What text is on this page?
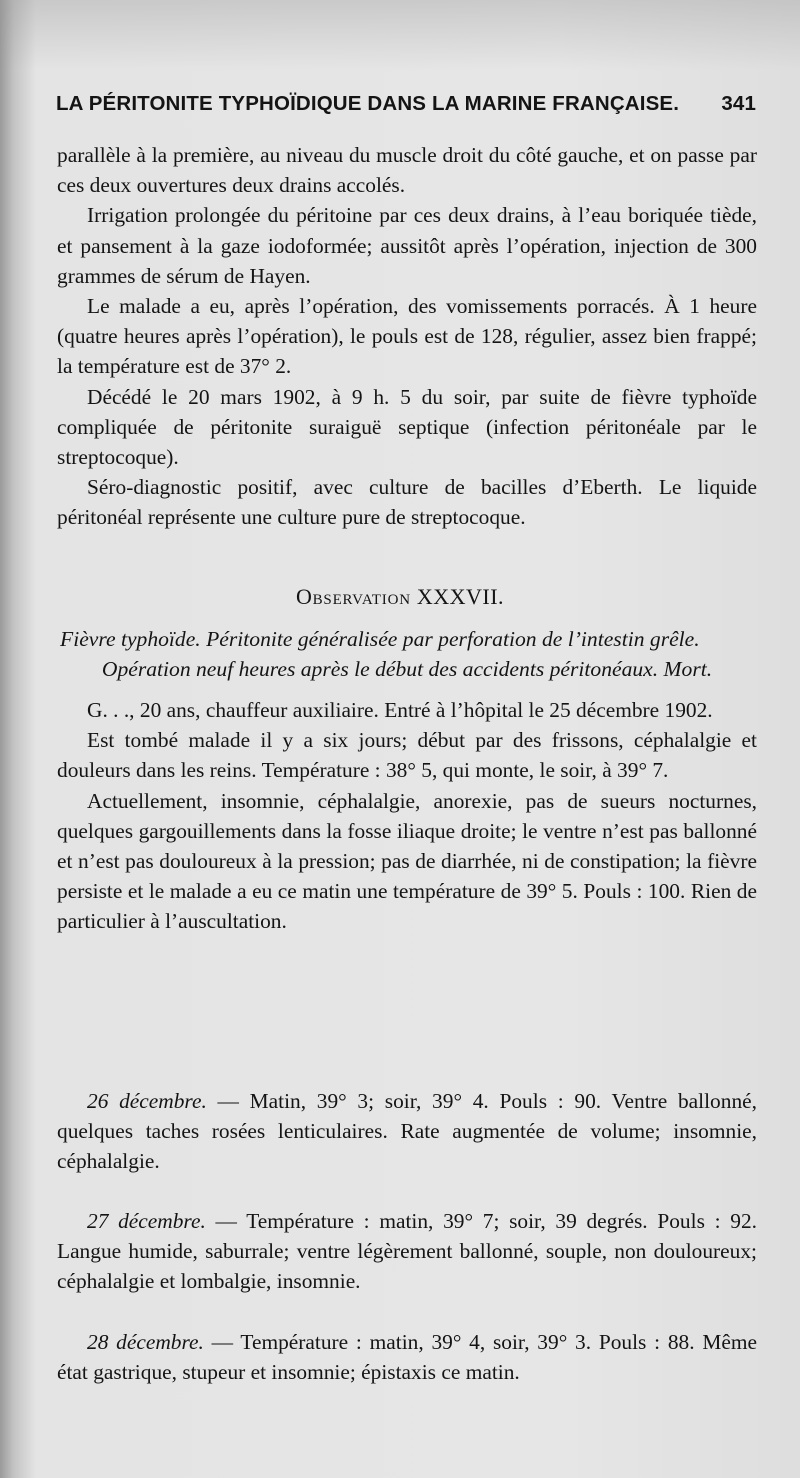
LA PÉRITONITE TYPHOÏDIQUE DANS LA MARINE FRANÇAISE. 341

parallèle à la première, au niveau du muscle droit du côté gauche, et on passe par ces deux ouvertures deux drains accolés.

Irrigation prolongée du péritoine par ces deux drains, à l’eau boriquée tiède, et pansement à la gaze iodoformée; aussitôt après l’opération, injection de 300 grammes de sérum de Hayen.

Le malade a eu, après l’opération, des vomissements porracés. À 1 heure (quatre heures après l’opération), le pouls est de 128, régulier, assez bien frappé; la température est de 37° 2.

Décédé le 20 mars 1902, à 9 h. 5 du soir, par suite de fièvre typhoïde compliquée de péritonite suraiguë septique (infection péritonéale par le streptocoque).

Séro-diagnostic positif, avec culture de bacilles d’Eberth. Le liquide péritonéal représente une culture pure de streptocoque.

Observation XXXVII.

Fièvre typhoïde. Péritonite généralisée par perforation de l’intestin grêle.

Opération neuf heures après le début des accidents péritonéaux. Mort.

G. . ., 20 ans, chauffeur auxiliaire. Entré à l’hôpital le 25 décembre 1902.

Est tombé malade il y a six jours; début par des frissons, céphalalgie et douleurs dans les reins. Température : 38° 5, qui monte, le soir, à 39° 7.

Actuellement, insomnie, céphalalgie, anorexie, pas de sueurs nocturnes, quelques gargouillements dans la fosse iliaque droite; le ventre n’est pas ballonné et n’est pas douloureux à la pression; pas de diarrhée, ni de constipation; la fièvre persiste et le malade a eu ce matin une température de 39° 5. Pouls : 100. Rien de particulier à l’auscultation.

26 décembre. — Matin, 39° 3; soir, 39° 4. Pouls : 90. Ventre ballonné, quelques taches rosées lenticulaires. Rate augmentée de volume; insomnie, céphalalgie.

27 décembre. — Température : matin, 39° 7; soir, 39 degrés. Pouls : 92. Langue humide, saburrale; ventre légèrement ballonné, souple, non douloureux; céphalalgie et lombalgie, insomnie.

28 décembre. — Température : matin, 39° 4, soir, 39° 3. Pouls : 88. Même état gastrique, stupeur et insomnie; épistaxis ce matin.
